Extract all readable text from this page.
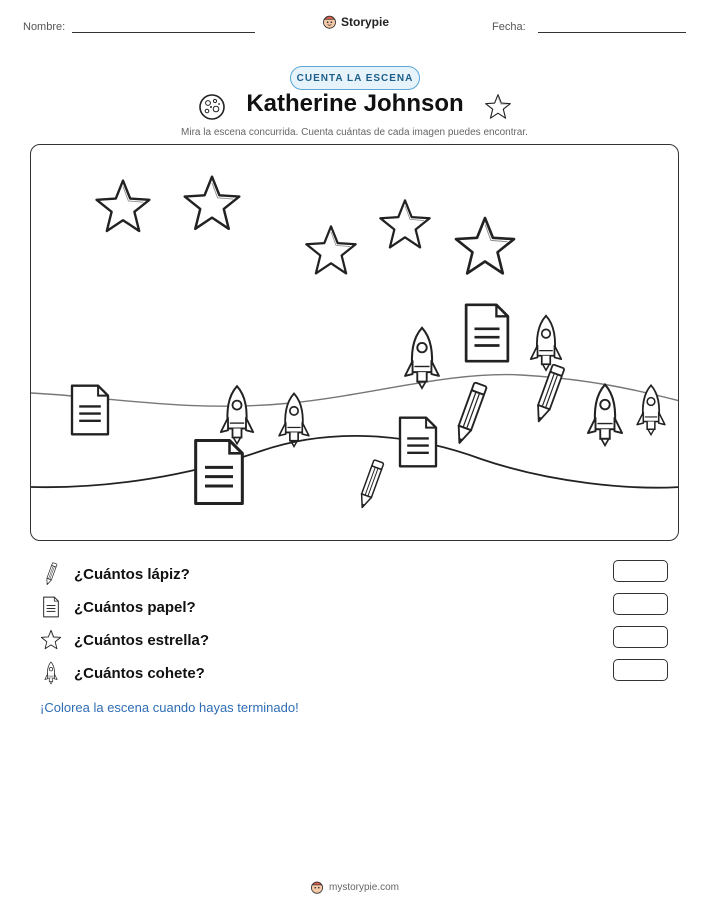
Nombre:	Storypie	Fecha:
CUENTA LA ESCENA
Katherine Johnson
Mira la escena concurrida. Cuenta cuántas de cada imagen puedes encontrar.
¿Cuántos lápiz?
¿Cuántos papel?
¿Cuántos estrella?
¿Cuántos cohete?
¡Colorea la escena cuando hayas terminado!
mystorypie.com
